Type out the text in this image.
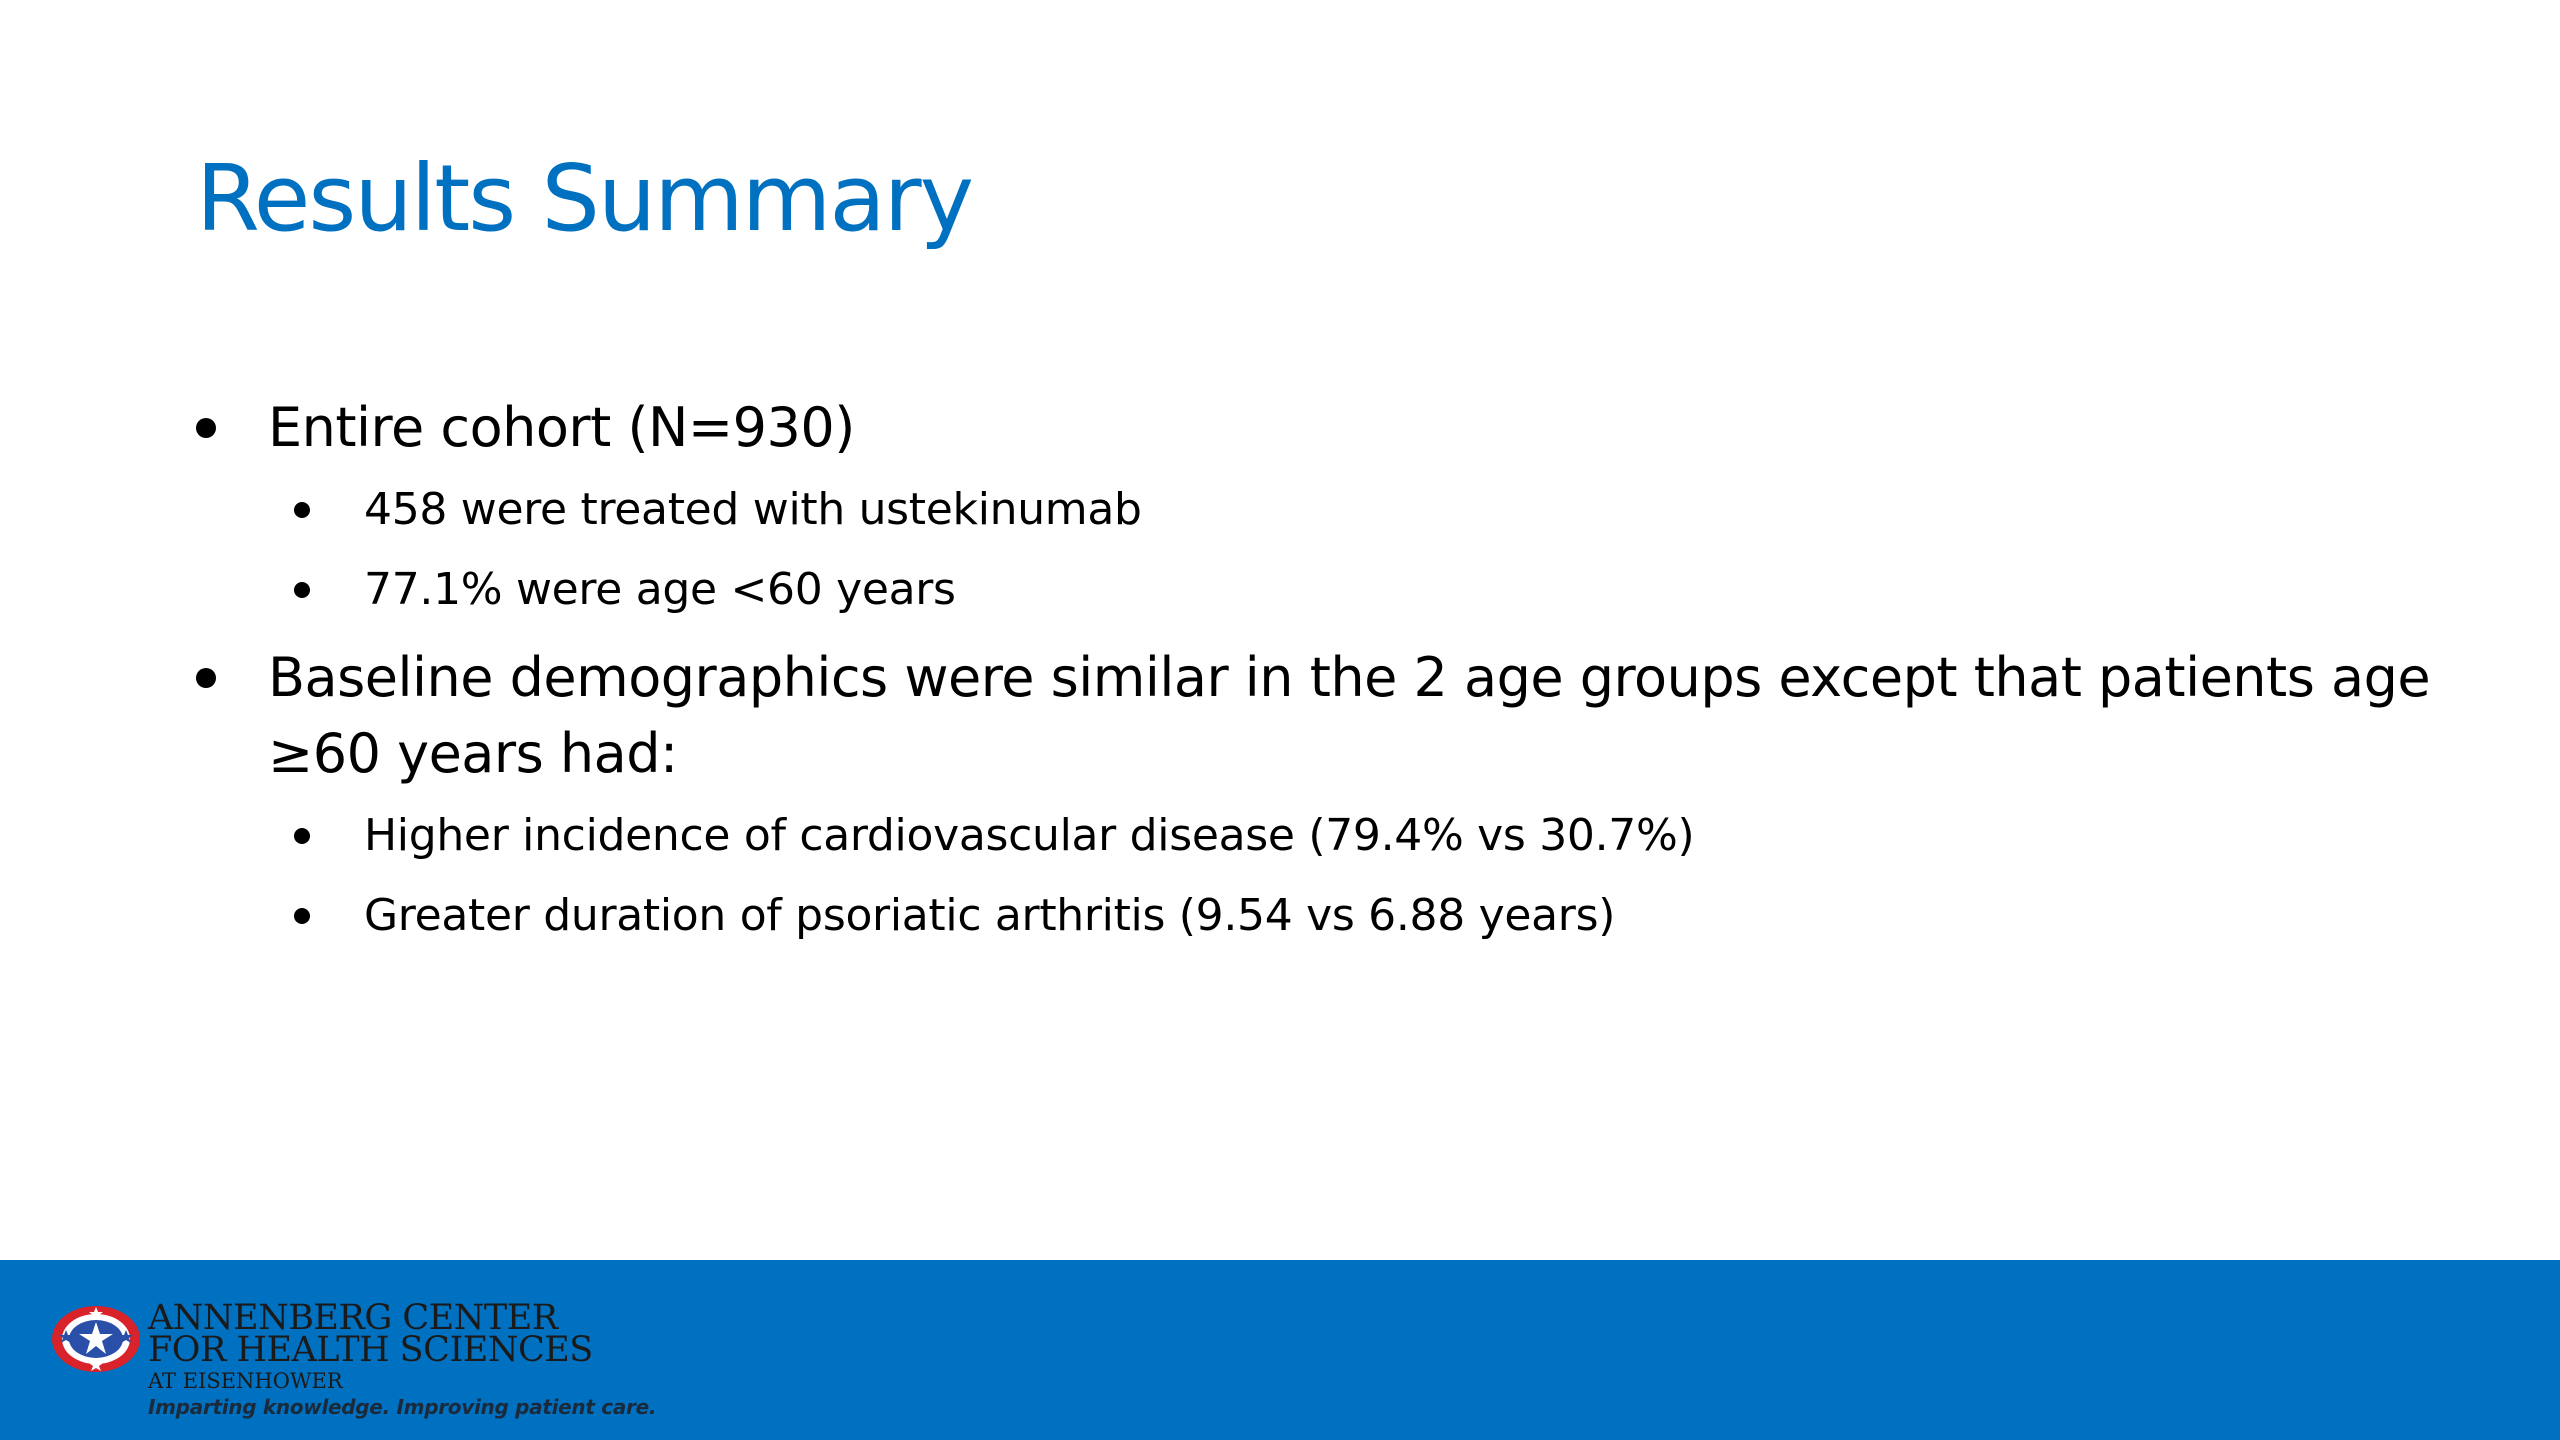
Results Summary
Entire cohort (N=930)
458 were treated with ustekinumab
77.1% were age <60 years
Baseline demographics were similar in the 2 age groups except that patients age ≥60 years had:
Higher incidence of cardiovascular disease (79.4% vs 30.7%)
Greater duration of psoriatic arthritis (9.54 vs 6.88 years)
ANNENBERG CENTER
FOR HEALTH SCIENCES
AT EISENHOWER
Imparting knowledge. Improving patient care.
